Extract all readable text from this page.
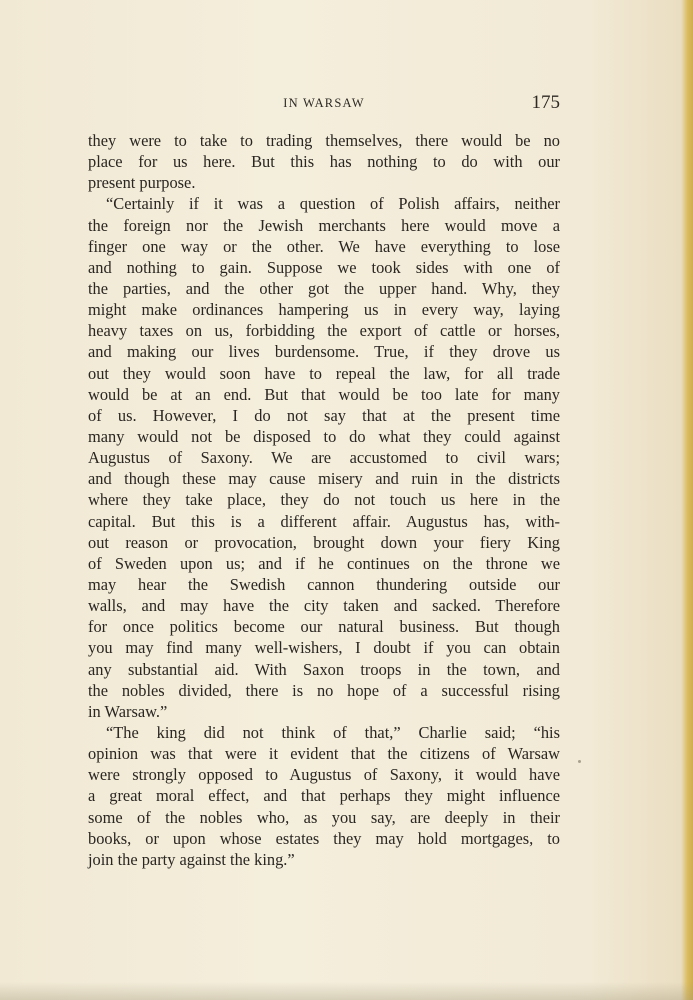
IN WARSAW	175
they were to take to trading themselves, there would be no
place for us here. But this has nothing to do with our
present purpose.
“Certainly if it was a question of Polish affairs, neither
the foreign nor the Jewish merchants here would move a
finger one way or the other. We have everything to lose
and nothing to gain. Suppose we took sides with one of
the parties, and the other got the upper hand. Why, they
might make ordinances hampering us in every way, laying
heavy taxes on us, forbidding the export of cattle or horses,
and making our lives burdensome. True, if they drove us
out they would soon have to repeal the law, for all trade
would be at an end. But that would be too late for many
of us. However, I do not say that at the present time
many would not be disposed to do what they could against
Augustus of Saxony. We are accustomed to civil wars;
and though these may cause misery and ruin in the districts
where they take place, they do not touch us here in the
capital. But this is a different affair. Augustus has, with-
out reason or provocation, brought down your fiery King
of Sweden upon us; and if he continues on the throne we
may hear the Swedish cannon thundering outside our
walls, and may have the city taken and sacked. Therefore
for once politics become our natural business. But though
you may find many well-wishers, I doubt if you can obtain
any substantial aid. With Saxon troops in the town, and
the nobles divided, there is no hope of a successful rising
in Warsaw.”
“The king did not think of that,” Charlie said; “his
opinion was that were it evident that the citizens of Warsaw
were strongly opposed to Augustus of Saxony, it would have
a great moral effect, and that perhaps they might influence
some of the nobles who, as you say, are deeply in their
books, or upon whose estates they may hold mortgages, to
join the party against the king.”
